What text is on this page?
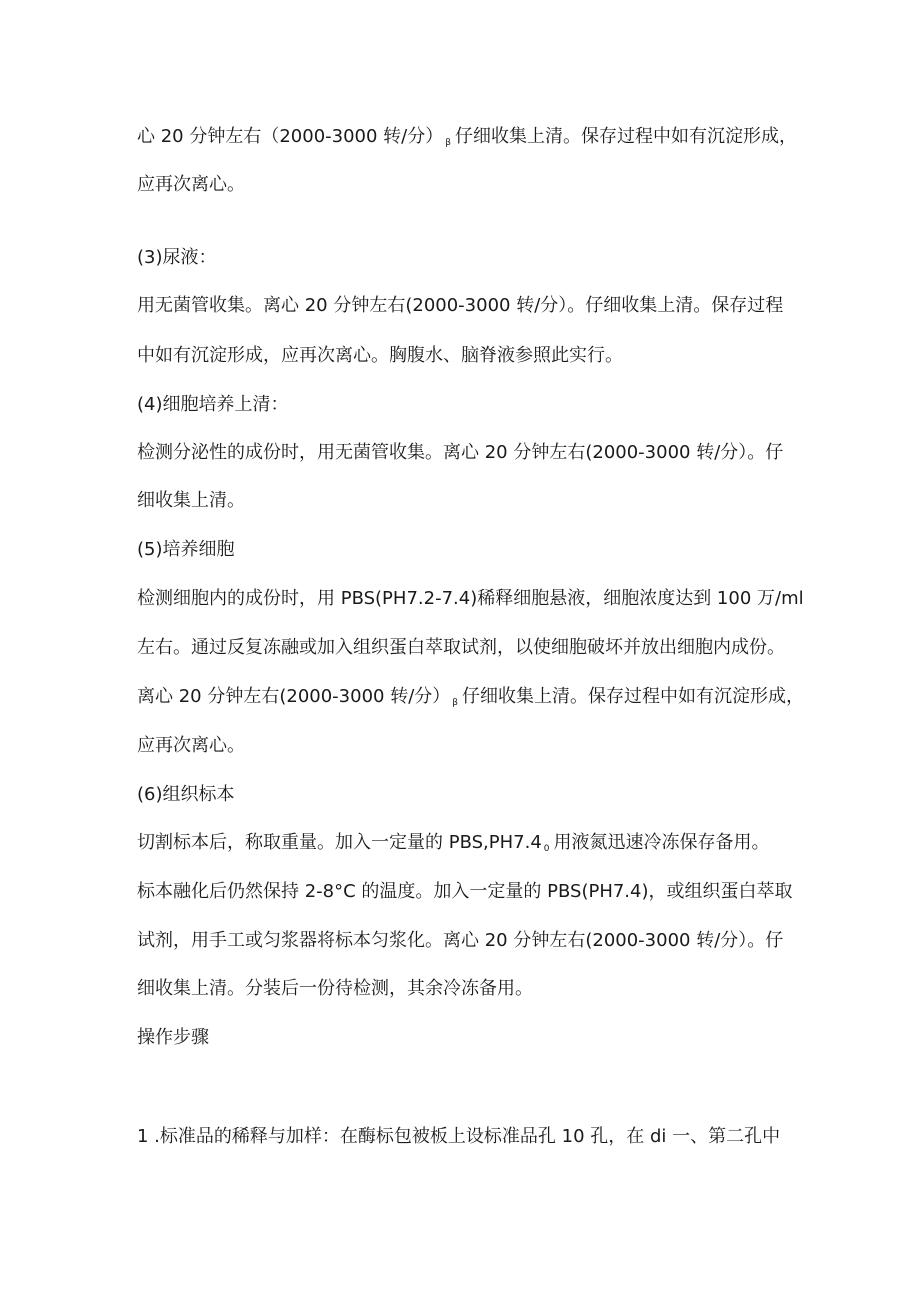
心 20 分钟左右（2000-3000 转/分） β 仔细收集上清。保存过程中如有沉淀形成，
应再次离心。
(3)尿液：
用无菌管收集。离心 20 分钟左右(2000-3000 转/分）。仔细收集上清。保存过程
中如有沉淀形成，应再次离心。胸腹水、脑脊液参照此实行。
(4)细胞培养上清：
检测分泌性的成份时，用无菌管收集。离心 20 分钟左右(2000-3000 转/分）。仔
细收集上清。
(5)培养细胞
检测细胞内的成份时，用 PBS(PH7.2-7.4)稀释细胞悬液，细胞浓度达到 100 万/ml
左右。通过反复冻融或加入组织蛋白萃取试剂，以使细胞破坏并放出细胞内成份。
离心 20 分钟左右(2000-3000 转/分） β 仔细收集上清。保存过程中如有沉淀形成，
应再次离心。
(6)组织标本
切割标本后，称取重量。加入一定量的 PBS,PH7.4 0 用液氮迅速冷冻保存备用。
标本融化后仍然保持 2-8°C 的温度。加入一定量的 PBS(PH7.4)，或组织蛋白萃取
试剂，用手工或匀浆器将标本匀浆化。离心 20 分钟左右(2000-3000 转/分）。仔
细收集上清。分装后一份待检测，其余冷冻备用。
操作步骤
1 .标准品的稀释与加样：在酶标包被板上设标准品孔 10 孔，在 di 一、第二孔中
